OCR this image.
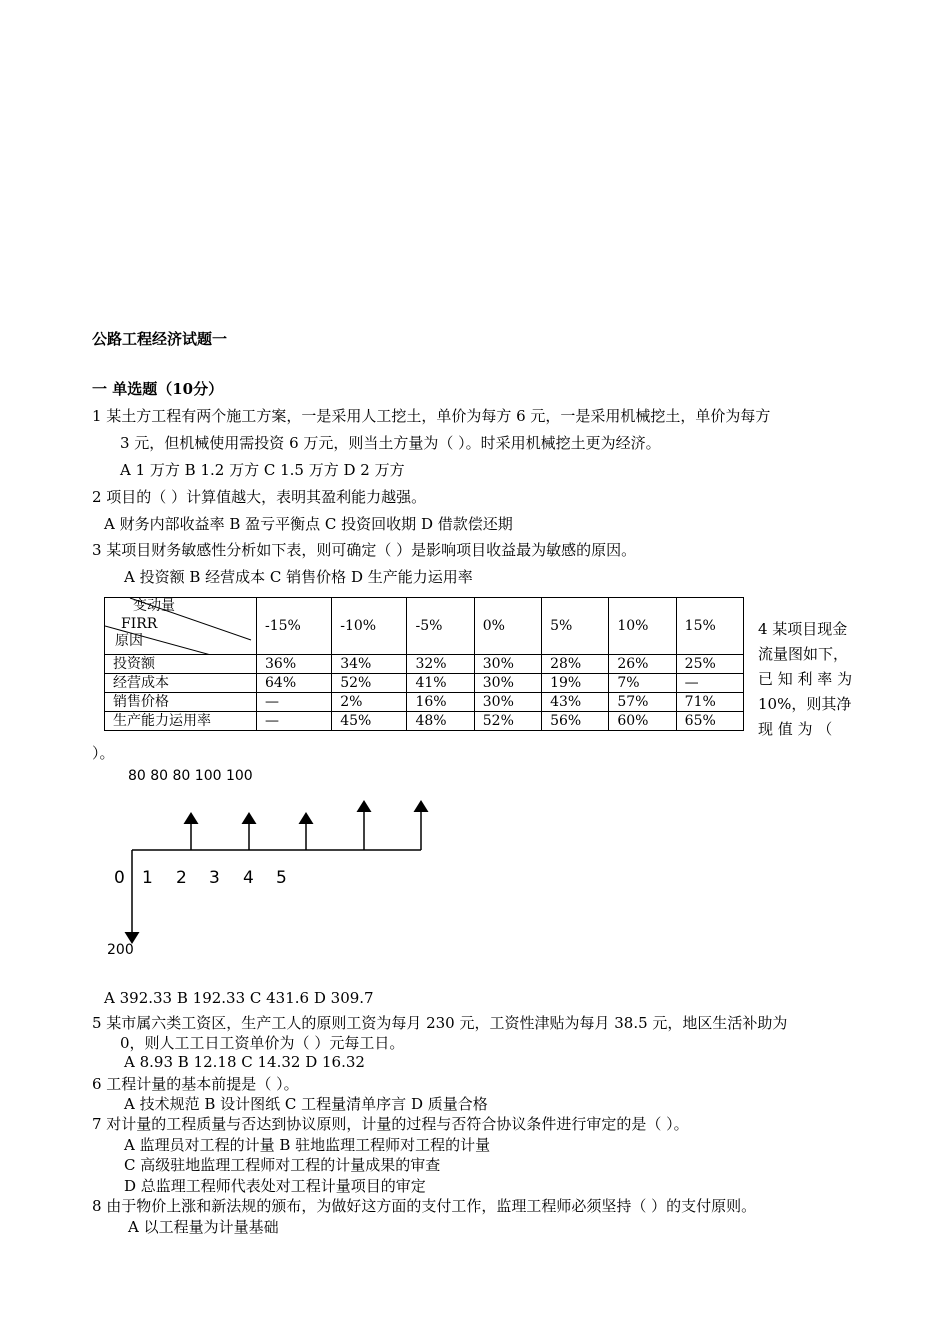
公路工程经济试题一
一 单选题（10分）
1 某土方工程有两个施工方案，一是采用人工挖土，单价为每方 6 元，一是采用机械挖土，单价为每方
3 元，但机械使用需投资 6 万元，则当土方量为（ ）。时采用机械挖土更为经济。
A 1 万方 B 1.2 万方 C 1.5 万方 D 2 万方
2 项目的（ ）计算值越大，表明其盈利能力越强。
A 财务内部收益率 B 盈亏平衡点 C 投资回收期 D 借款偿还期
3 某项目财务敏感性分析如下表，则可确定（ ）是影响项目收益最为敏感的原因。
A 投资额 B 经营成本 C 销售价格 D 生产能力运用率
变动量
FIRR
原因	-15%	-10%	-5%	0%	5%	10%	15%
投资额	36%	34%	32%	30%	28%	26%	25%
经营成本	64%	52%	41%	30%	19%	7%	—
销售价格	—	2%	16%	30%	43%	57%	71%
生产能力运用率	—	45%	48%	52%	56%	60%	65%
4 某项目现金
流量图如下，
已 知 利 率 为
10%，则其净
现 值 为 （
）。
80 80 80 100 100
0 1 2 3 4 5
200
A 392.33 B 192.33 C 431.6 D 309.7
5 某市属六类工资区，生产工人的原则工资为每月 230 元，工资性津贴为每月 38.5 元，地区生活补助为
0，则人工工日工资单价为（ ）元每工日。
A 8.93 B 12.18 C 14.32 D 16.32
6 工程计量的基本前提是（ ）。
A 技术规范 B 设计图纸 C 工程量清单序言 D 质量合格
7 对计量的工程质量与否达到协议原则，计量的过程与否符合协议条件进行审定的是（ ）。
A 监理员对工程的计量 B 驻地监理工程师对工程的计量
C 高级驻地监理工程师对工程的计量成果的审查
D 总监理工程师代表处对工程计量项目的审定
8 由于物价上涨和新法规的颁布，为做好这方面的支付工作，监理工程师必须坚持（ ）的支付原则。
A 以工程量为计量基础
